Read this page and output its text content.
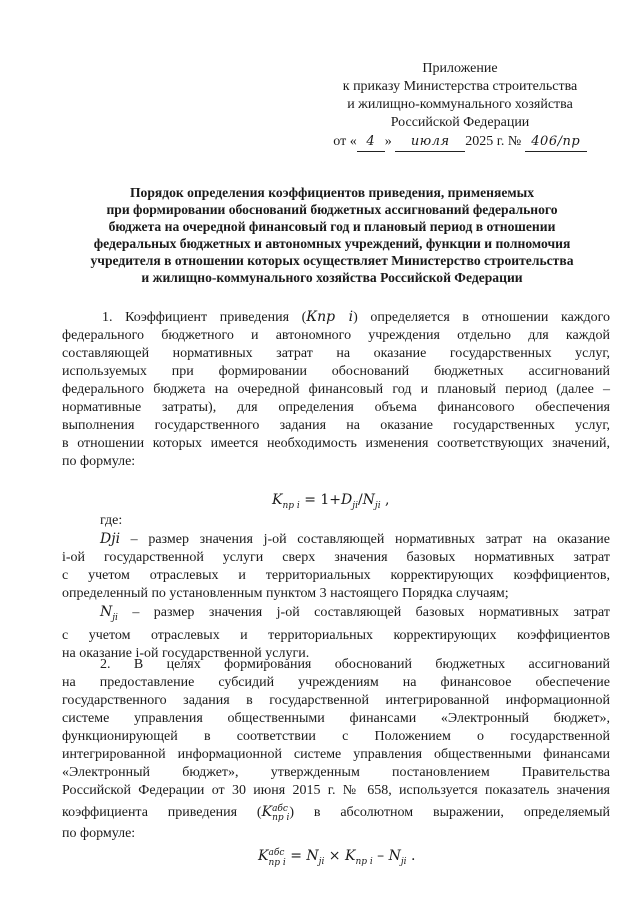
Приложение
к приказу Министерства строительства
и жилищно-коммунального хозяйства
Российской Федерации
от « 4 » июля 2025 г. № 406/пр
Порядок определения коэффициентов приведения, применяемых
при формировании обоснований бюджетных ассигнований федерального
бюджета на очередной финансовый год и плановый период в отношении
федеральных бюджетных и автономных учреждений, функции и полномочия
учредителя в отношении которых осуществляет Министерство строительства
и жилищно-коммунального хозяйства Российской Федерации
1. Коэффициент приведения (Кпр i) определяется в отношении каждого
федерального бюджетного и автономного учреждения отдельно для каждой
составляющей нормативных затрат на оказание государственных услуг,
используемых при формировании обоснований бюджетных ассигнований
федерального бюджета на очередной финансовый год и плановый период (далее –
нормативные затраты), для определения объема финансового обеспечения
выполнения государственного задания на оказание государственных услуг,
в отношении которых имеется необходимость изменения соответствующих значений,
по формуле:
$K_{пр i} = 1+D_{ji}/N_{ji}$ ,
где:
Dji – размер значения j-ой составляющей нормативных затрат на оказание
i-ой государственной услуги сверх значения базовых нормативных затрат
с учетом отраслевых и территориальных корректирующих коэффициентов,
определенный по установленным пунктом 3 настоящего Порядка случаям;
$N_{ji}$ – размер значения j-ой составляющей базовых нормативных затрат
с учетом отраслевых и территориальных корректирующих коэффициентов
на оказание i-ой государственной услуги.
2. В целях формирования обоснований бюджетных ассигнований
на предоставление субсидий учреждениям на финансовое обеспечение
государственного задания в государственной интегрированной информационной
системе управления общественными финансами «Электронный бюджет»,
функционирующей в соответствии с Положением о государственной
интегрированной информационной системе управления общественными финансами
«Электронный бюджет», утвержденным постановлением Правительства
Российской Федерации от 30 июня 2015 г. № 658, используется показатель значения
коэффициента приведения (K абс
пр i ) в абсолютном выражении, определяемый
по формуле:
K абс
пр $i = N_{ji} \times K_{пр i} - N_{ji}$ .
